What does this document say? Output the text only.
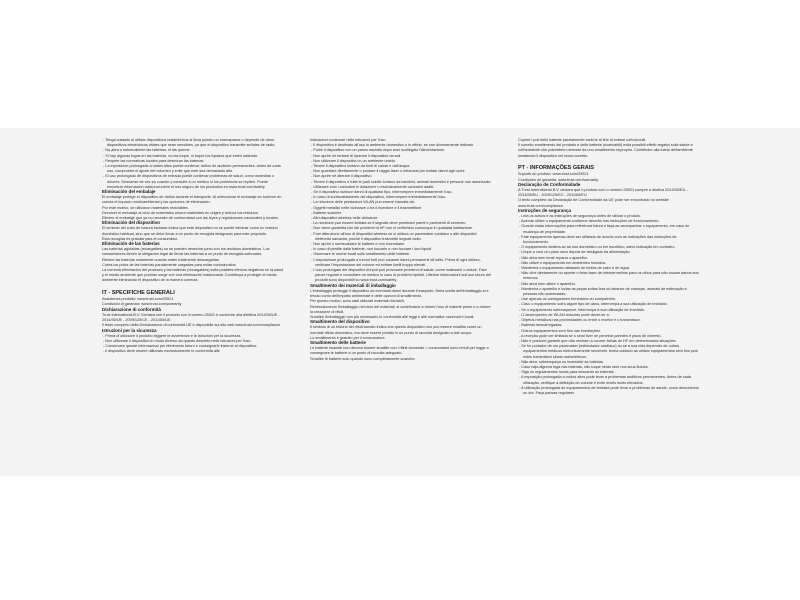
- Tenga cuidado al utilizar dispositivos inalámbricos si lleva puesto un marcapasos o depende de otros dispositivos electrónicos vitales que sean sensibles, ya que el dispositivo transmite señales de radio.
- No abra o sobrecaliente las baterías, ni las queme.
- Si hay algunas fugas en las baterías, no las toque, ni toque los líquidos que estén saliendo.
- Respete las normativas locales para desechar las baterías.
- La exposición prolongada a ruidos altos puede conllevar daños de audición permanentes. Antes de cada uso, compruebe el ajuste del volumen y evite que este sea demasiado alto.
- El uso prolongado de dispositivos de entrada puede conllevar problemas de salud, como molestias o dolores. Descanse de vez en cuando y consulte a un médico si los problemas se repiten. Puede encontrar información adicional sobre el uso seguro de los productos en www.trust.com/safety.
Eliminación del embalaje
El embalaje protege el dispositivo de daños durante el transporte. Al seleccionar el embalaje se tuvieron en cuenta el impacto medioambiental y las opciones de eliminación.
Por este motivo, se utilizaron materiales reciclables.
Devolver el embalaje al ciclo de materiales ahorra materiales en origen y reduce los residuos.
Elimine el embalaje que ya no necesite de conformidad con las leyes y regulaciones nacionales y locales.
Eliminación del dispositivo
El símbolo del cubo de basura tachado indica que este dispositivo no se puede eliminar como un residuo doméstico habitual, sino que se debe llevar a un punto de recogida designado para este propósito.
Esta recogida es gratuita para el consumidor.
Eliminación de las baterías
Las baterías agotadas (recargables) no se pueden desechar junto con los residuos domésticos. Los consumidores tienen la obligación legal de llevar las baterías a un punto de recogida adecuado.
Elimine las baterías solamente cuando estén totalmente descargadas.
Cubra los polos de las baterías parcialmente cargadas para evitar cortocircuitos.
La correcta eliminación del producto y las baterías (recargables) evita posibles efectos negativos en la salud y el medio ambiente que podrían surgir con una eliminación inadecuada. Contribuya a proteger el medio ambiente eliminando el dispositivo de la manera correcta.
IT - SPECIFICHE GENERALI
Assistenza prodotto: www.trust.com/25521
Condizioni di garanzia: www.trust.com/warranty
Dichiarazione di conformità
Trust International B.V. Dichiara che il prodotto con il numero 25521 è conforme alla direttiva 2014/30/UE - 2014/35/UE - 2009/125/CE - 2011/65/UE
Il testo completo della Dichiarazione di conformità UE è disponibile sul sito web www.trust.com/compliance.
Istruzioni per la sicurezza
- Prima di utilizzare il prodotto leggere le avvertenze e le istruzioni per la sicurezza.
- Non utilizzare il dispositivo in modo diverso da quanto descritto nelle istruzioni per l'uso.
- Conservare queste informazioni per riferimento futuro e consegnarle insieme al dispositivo.
- Il dispositivo deve essere utilizzato esclusivamente in conformità alle
indicazioni contenute nelle istruzioni per l'uso.
- Il dispositivo è destinato all'uso in ambiente domestico o in ufficio, se non diversamente indicato.
- Pulire il dispositivo con un panno asciutto dopo aver scollegato l'alimentazione.
- Non aprire né tentare di riparare il dispositivo da soli.
- Non utilizzare il dispositivo in un ambiente umido.
- Tenere il dispositivo lontano da fonti di calore e dall'acqua.
- Non guardare direttamente o puntare il raggio laser o infrarossi per evitare danni agli occhi.
- Non aprire né alterare il dispositivo.
- Tenere il dispositivo e tutte le parti sciolte lontano da bambini, animali domestici e persone non autorizzate.
- Utilizzare solo i caricatori in dotazione o esclusivamente caricatori adatti.
- Se il dispositivo subisce danni di qualsiasi tipo, interrompere immediatamente l'uso.
- In caso di surriscaldamento del dispositivo, interrompere immediatamente l'uso.
- La riduzione delle prestazioni WLAN può essere causata da:
- Oggetti metallici nelle vicinanze o tra il ricevitore e il trasmettitore
- Batterie scariche
- Altri dispositivi wireless nelle vicinanze
- La ricezione può essere limitata se il segnale deve penetrare pareti e pavimenti di cemento.
- Non viene garantita che tali problemi di HF non si verifichino comunque in qualsiasi istallazione.
- Fare attenzione all'uso di dispositivi wireless se si utilizza un pacemaker cardiaco o altri dispositivi elettronici salvavita, poiché il dispositivo trasmette segnali radio.
- Non aprire o surriscaldare le batterie e non incendiarle.
- In caso di perdite dalle batterie, non toccarle e non toccare i loro liquidi.
- Osservare le norme locali sullo smaltimento delle batterie.
- L'esposizione prolungata a rumori forti può causare danni permanenti all'udito. Prima di ogni utilizzo, verificare l'impostazione del volume ed evitare livelli troppo elevati.
- L'uso prolungato dei dispositivi di input può provocare problemi di salute, come malesseri o dolore. Fare pause regolari e consultare un medico in caso di problemi ripetuti. Ulteriori informazioni sull'uso sicuro dei prodotti sono disponibili su www.trust.com/safety.
Smaltimento dei materiali di imballaggio
L'imballaggio protegge il dispositivo da eventuali danni durante il trasporto. Nella scelta dell'imballaggio si è tenuto conto dell'impatto ambientale e delle opzioni di smaltimento.
Per questo motivo, sono stati utilizzati materiali riciclabili.
Reintroducendo l'imballaggio nel ciclo dei materiali, si contribuisce a ridurre l'uso di materie prime e a ridurre la creazione di rifiuti.
Smaltire l'imballaggio non più necessario in conformità alle leggi e alle normative nazionali e locali.
Smaltimento del dispositivo
Il simbolo di un bidone dei rifiuti barrato indica che questo dispositivo non può essere smaltito come un normale rifiuto domestico, ma deve essere portato in un punto di raccolta designato a tale scopo.
Lo smaltimento è gratuito per il consumatore.
Smaltimento delle batterie
Le batterie esauste non devono essere smaltite con i rifiuti domestici. I consumatori sono tenuti per legge a consegnare le batterie a un punto di raccolta adeguato.
Smaltire le batterie solo quando sono completamente scariche.
Coprire i poli delle batterie parzialmente cariche al fine di evitare cortocircuiti.
Il corretto smaltimento del prodotto e delle batterie (ricaricabili) evita possibili effetti negativi sulla salute e sull'ambiente che potrebbero derivare da uno smaltimento improprio. Contribuire alla tutela dell'ambiente smaltendo il dispositivo nel modo corretto.
PT - INFORMAÇÕES GERAIS
Suporte do produto: www.trust.com/25521
Condições de garantia: www.trust.com/warranty
Declaração de Conformidade
A Trust International B.V. declara que o produto com o número 25521 cumpre a diretiva 2014/30/EU - 2014/35/EU - 2009/125/EC - 2011/65/EU
O texto completo da Declaração de Conformidade da UE pode ser encontrado no website www.trust.com/compliance.
Instruções de segurança
- Leia os avisos e as instruções de segurança antes de utilizar o produto.
- Apenas utilize o equipamento conforme descrito nas instruções de funcionamento.
- Guarde estas informações para referência futura e faça-as acompanhar o equipamento, em caso de mudança de propriedade.
- Este equipamento apenas deve ser utilizado de acordo com as indicações das instruções de funcionamento.
- O equipamento destina-se ao uso doméstico ou em escritório, salvo indicação em contrário.
- Limpe-o com um pano seco depois de desligado da alimentação.
- Não abra nem tente reparar o aparelho.
- Não utilize o equipamento em ambientes húmidos.
- Mantenha o equipamento afastado de fontes de calor e de água.
- Não olhe diretamente ou aponte o feixe laser de infravermelhos para os olhos para não causar danos aos mesmos.
- Não abra nem altere o aparelho.
- Mantenha o aparelho e todas as peças soltas fora do alcance de crianças, animais de estimação e pessoas não autorizadas.
- Use apenas os carregadores fornecidos ou compatíveis.
- Caso o equipamento sofra algum tipo de dano, interrompa a sua utilização de imediato.
- Se o equipamento sobreaquecer, interrompa a sua utilização de imediato.
- O desempenho de WLAN reduzido pode dever-se a:
- Objetos metálicos nas proximidades ou entre o recetor e o transmissor.
- Baterias descarregadas.
- Outros equipamentos sem fios nas imediações.
- A receção pode ser limitada se o sinal tiver de penetrar paredes e pisos de cimento.
- Não é possível garantir que não venham a ocorrer falhas de HF em determinadas situações.
- Se for portador de um pacemaker (estimulador cardíaco) ou se a sua vida depender de outros equipamentos médicos eletronicamente sensíveis, tenha cuidado ao utilizar equipamentos sem fios pois estes transmitem sinais radioelétricos.
- Não abra, sobreaqueça ou incendeie as baterias.
- Caso haja alguma fuga nas baterias, não toque nelas nem nos seus fluídos.
- Siga os regulamentos locais para descartar as baterias.
- A exposição prolongada a ruídos altos pode levar a problemas auditivos permanentes. Antes de cada utilização, verifique a definição do volume e evite níveis muito elevados.
- A utilização prolongada de equipamentos de entrada pode levar a problemas de saúde, como desconforto ou dor. Faça pausas regulares
